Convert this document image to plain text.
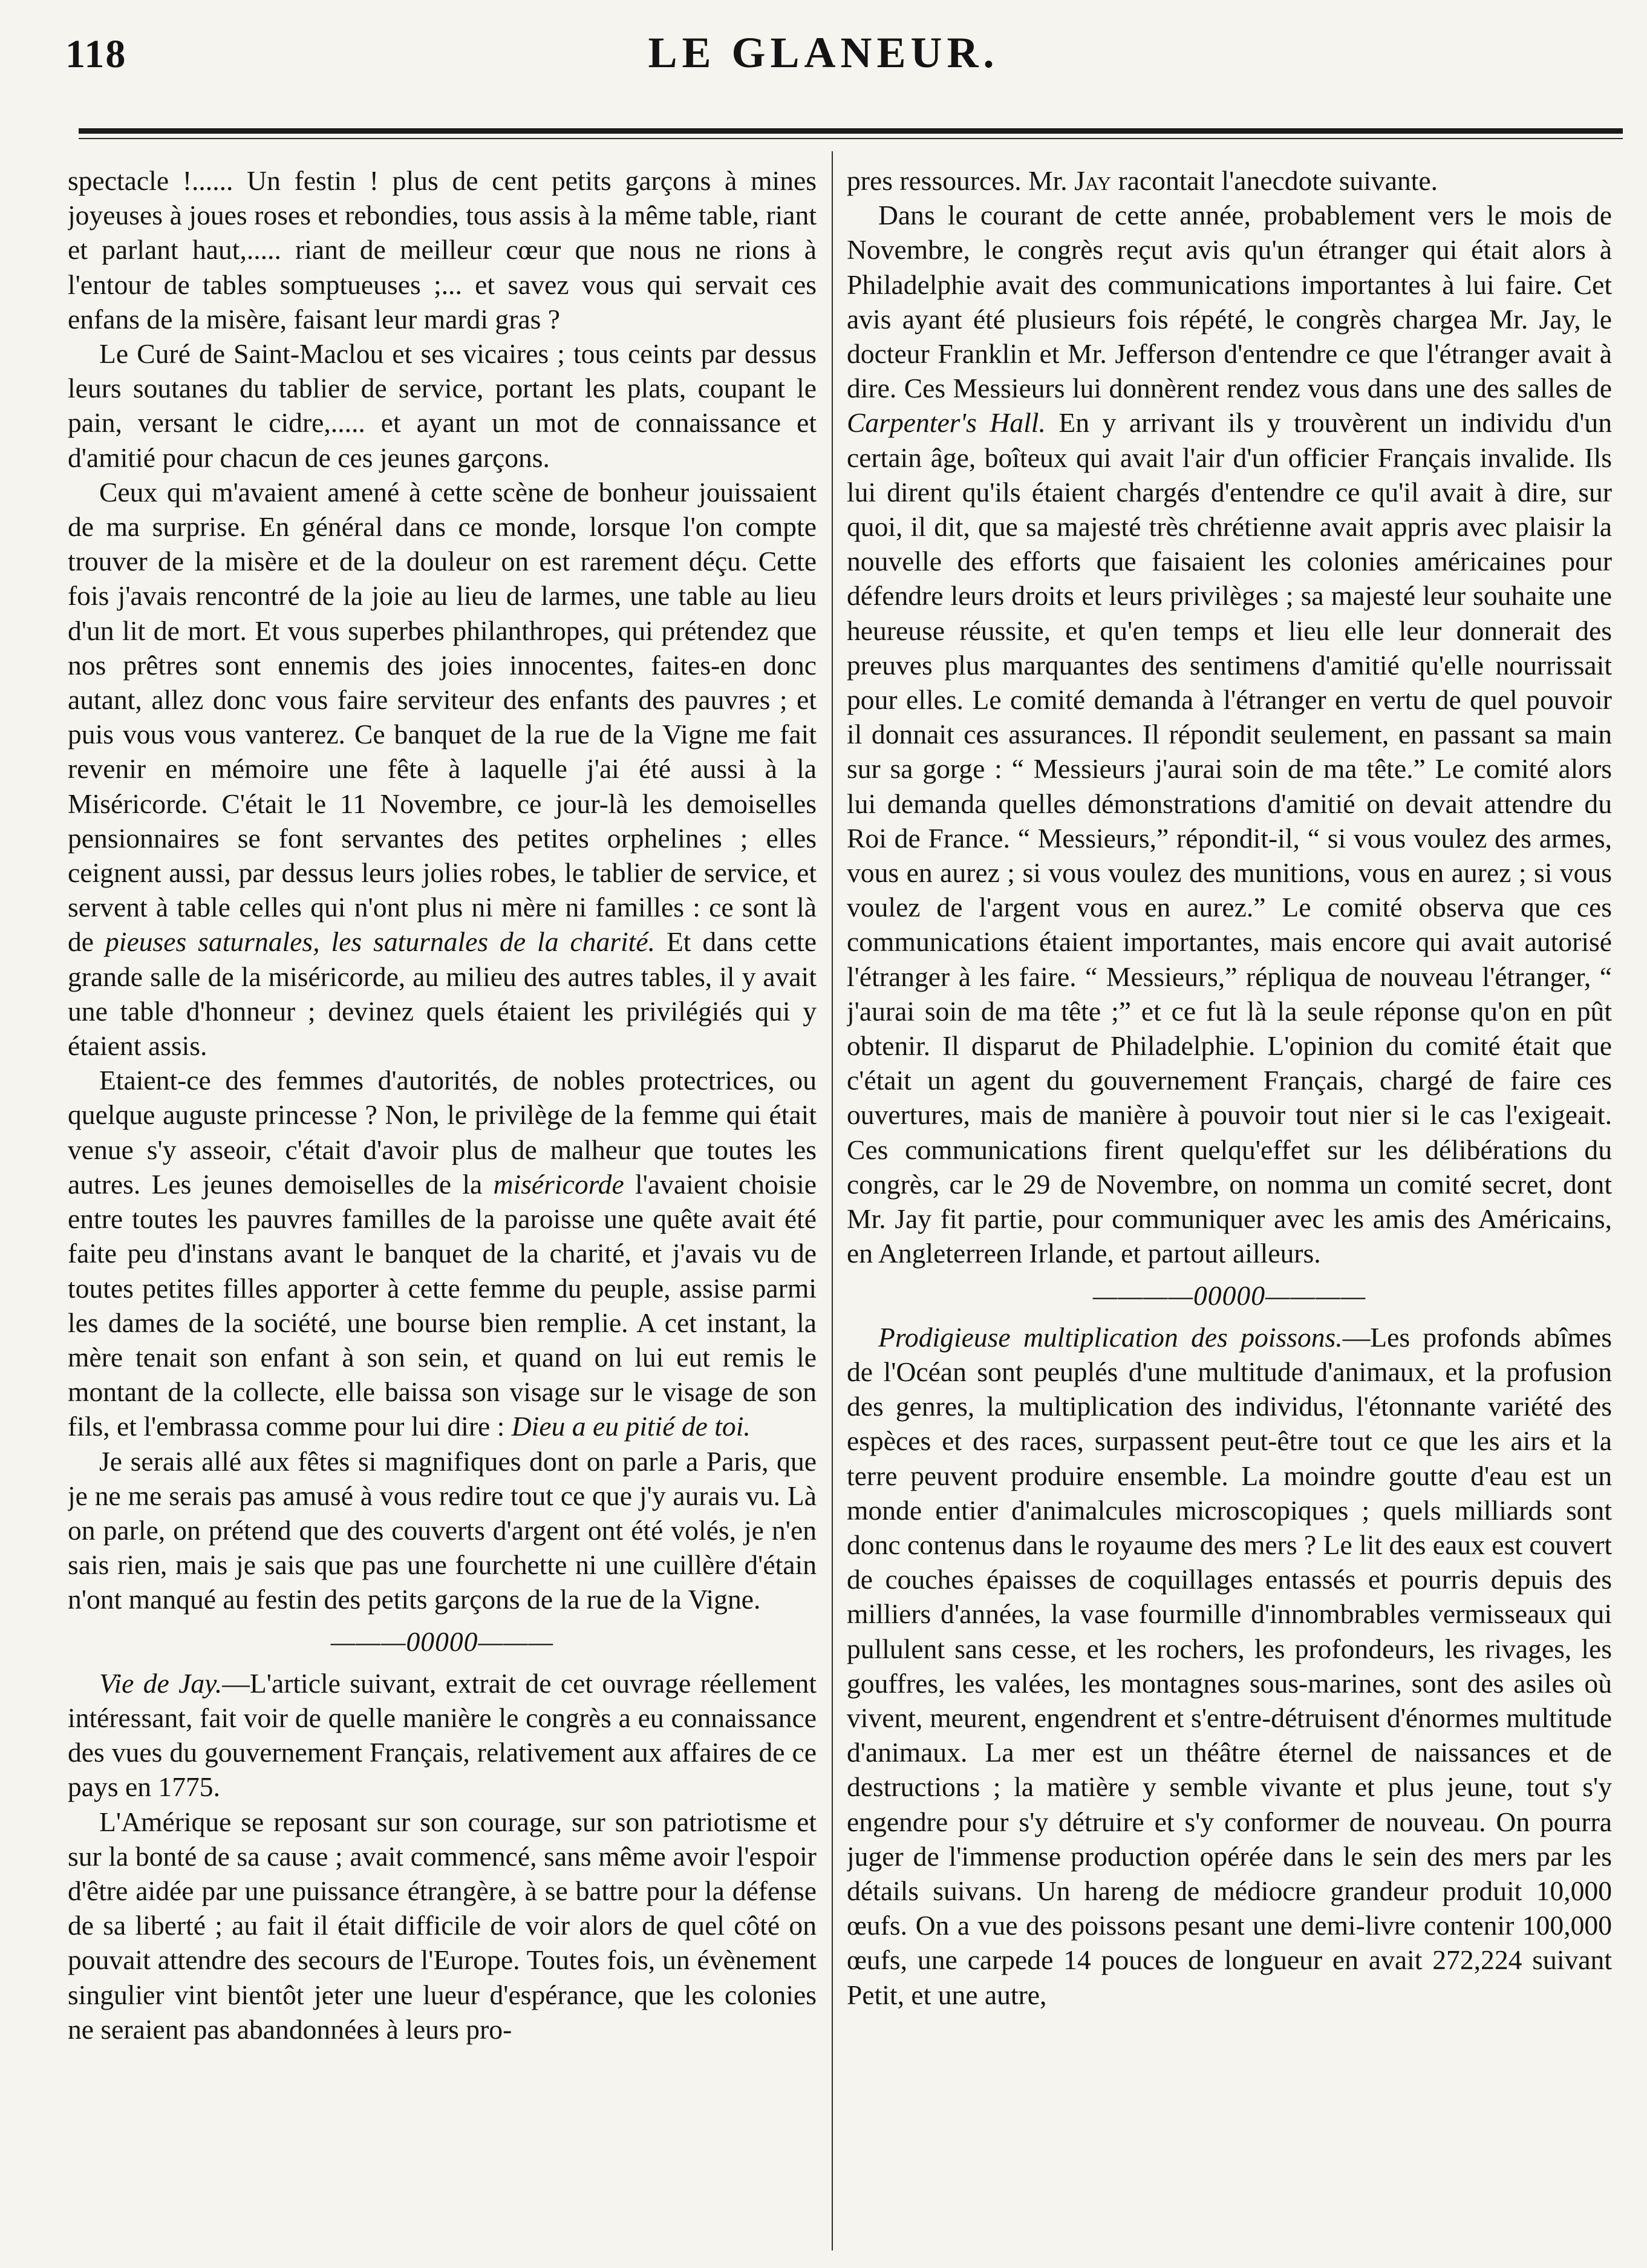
118	LE GLANEUR.

spectacle !...... Un festin ! plus de cent petits garçons à mines joyeuses à joues roses et rebondies, tous assis à la même table, riant et parlant haut,..... riant de meilleur cœur que nous ne rions à l'entour de tables somptueuses ;... et savez vous qui servait ces enfans de la misère, faisant leur mardi gras ?

Le Curé de Saint-Maclou et ses vicaires ; tous ceints par dessus leurs soutanes du tablier de service, portant les plats, coupant le pain, versant le cidre,..... et ayant un mot de connaissance et d'amitié pour chacun de ces jeunes garçons.

Ceux qui m'avaient amené à cette scène de bonheur jouissaient de ma surprise. En général dans ce monde, lorsque l'on compte trouver de la misère et de la douleur on est rarement déçu. Cette fois j'avais rencontré de la joie au lieu de larmes, une table au lieu d'un lit de mort. Et vous superbes philanthropes, qui prétendez que nos prêtres sont ennemis des joies innocentes, faites-en donc autant, allez donc vous faire serviteur des enfants des pauvres ; et puis vous vous vanterez. Ce banquet de la rue de la Vigne me fait revenir en mémoire une fête à laquelle j'ai été aussi à la Miséricorde. C'était le 11 Novembre, ce jour-là les demoiselles pensionnaires se font servantes des petites orphelines ; elles ceignent aussi, par dessus leurs jolies robes, le tablier de service, et servent à table celles qui n'ont plus ni mère ni familles : ce sont là de pieuses saturnales, les saturnales de la charité. Et dans cette grande salle de la miséricorde, au milieu des autres tables, il y avait une table d'honneur ; devinez quels étaient les privilégiés qui y étaient assis.

Etaient-ce des femmes d'autorités, de nobles protectrices, ou quelque auguste princesse ? Non, le privilège de la femme qui était venue s'y asseoir, c'était d'avoir plus de malheur que toutes les autres. Les jeunes demoiselles de la miséricorde l'avaient choisie entre toutes les pauvres familles de la paroisse une quête avait été faite peu d'instans avant le banquet de la charité, et j'avais vu de toutes petites filles apporter à cette femme du peuple, assise parmi les dames de la société, une bourse bien remplie. A cet instant, la mère tenait son enfant à son sein, et quand on lui eut remis le montant de la collecte, elle baissa son visage sur le visage de son fils, et l'embrassa comme pour lui dire : Dieu a eu pitié de toi.

Je serais allé aux fêtes si magnifiques dont on parle a Paris, que je ne me serais pas amusé à vous redire tout ce que j'y aurais vu. Là on parle, on prétend que des couverts d'argent ont été volés, je n'en sais rien, mais je sais que pas une fourchette ni une cuillère d'étain n'ont manqué au festin des petits garçons de la rue de la Vigne.

———00000———

Vie de Jay.—L'article suivant, extrait de cet ouvrage réellement intéressant, fait voir de quelle manière le congrès a eu connaissance des vues du gouvernement Français, relativement aux affaires de ce pays en 1775.

L'Amérique se reposant sur son courage, sur son patriotisme et sur la bonté de sa cause ; avait commencé, sans même avoir l'espoir d'être aidée par une puissance étrangère, à se battre pour la défense de sa liberté ; au fait il était difficile de voir alors de quel côté on pouvait attendre des secours de l'Europe. Toutes fois, un évènement singulier vint bientôt jeter une lueur d'espérance, que les colonies ne seraient pas abandonnées à leurs pro-

pres ressources. Mr. Jay racontait l'anecdote suivante.

Dans le courant de cette année, probablement vers le mois de Novembre, le congrès reçut avis qu'un étranger qui était alors à Philadelphie avait des communications importantes à lui faire. Cet avis ayant été plusieurs fois répété, le congrès chargea Mr. Jay, le docteur Franklin et Mr. Jefferson d'entendre ce que l'étranger avait à dire. Ces Messieurs lui donnèrent rendez vous dans une des salles de Carpenter's Hall. En y arrivant ils y trouvèrent un individu d'un certain âge, boîteux qui avait l'air d'un officier Français invalide. Ils lui dirent qu'ils étaient chargés d'entendre ce qu'il avait à dire, sur quoi, il dit, que sa majesté très chrétienne avait appris avec plaisir la nouvelle des efforts que faisaient les colonies américaines pour défendre leurs droits et leurs privilèges ; sa majesté leur souhaite une heureuse réussite, et qu'en temps et lieu elle leur donnerait des preuves plus marquantes des sentimens d'amitié qu'elle nourrissait pour elles. Le comité demanda à l'étranger en vertu de quel pouvoir il donnait ces assurances. Il répondit seulement, en passant sa main sur sa gorge : “ Messieurs j'aurai soin de ma tête.” Le comité alors lui demanda quelles démonstrations d'amitié on devait attendre du Roi de France. “ Messieurs,” répondit-il, “ si vous voulez des armes, vous en aurez ; si vous voulez des munitions, vous en aurez ; si vous voulez de l'argent vous en aurez.” Le comité observa que ces communications étaient importantes, mais encore qui avait autorisé l'étranger à les faire. “ Messieurs,” répliqua de nouveau l'étranger, “ j'aurai soin de ma tête ;” et ce fut là la seule réponse qu'on en pût obtenir. Il disparut de Philadelphie. L'opinion du comité était que c'était un agent du gouvernement Français, chargé de faire ces ouvertures, mais de manière à pouvoir tout nier si le cas l'exigeait. Ces communications firent quelqu'effet sur les délibérations du congrès, car le 29 de Novembre, on nomma un comité secret, dont Mr. Jay fit partie, pour communiquer avec les amis des Américains, en Angleterreen Irlande, et partout ailleurs.

————00000————

Prodigieuse multiplication des poissons.—Les profonds abîmes de l'Océan sont peuplés d'une multitude d'animaux, et la profusion des genres, la multiplication des individus, l'étonnante variété des espèces et des races, surpassent peut-être tout ce que les airs et la terre peuvent produire ensemble. La moindre goutte d'eau est un monde entier d'animalcules microscopiques ; quels milliards sont donc contenus dans le royaume des mers ? Le lit des eaux est couvert de couches épaisses de coquillages entassés et pourris depuis des milliers d'années, la vase fourmille d'innombrables vermisseaux qui pullulent sans cesse, et les rochers, les profondeurs, les rivages, les gouffres, les valées, les montagnes sous-marines, sont des asiles où vivent, meurent, engendrent et s'entre-détruisent d'énormes multitude d'animaux. La mer est un théâtre éternel de naissances et de destructions ; la matière y semble vivante et plus jeune, tout s'y engendre pour s'y détruire et s'y conformer de nouveau. On pourra juger de l'immense production opérée dans le sein des mers par les détails suivans. Un hareng de médiocre grandeur produit 10,000 œufs. On a vue des poissons pesant une demi-livre contenir 100,000 œufs, une carpede 14 pouces de longueur en avait 272,224 suivant Petit, et une autre,
